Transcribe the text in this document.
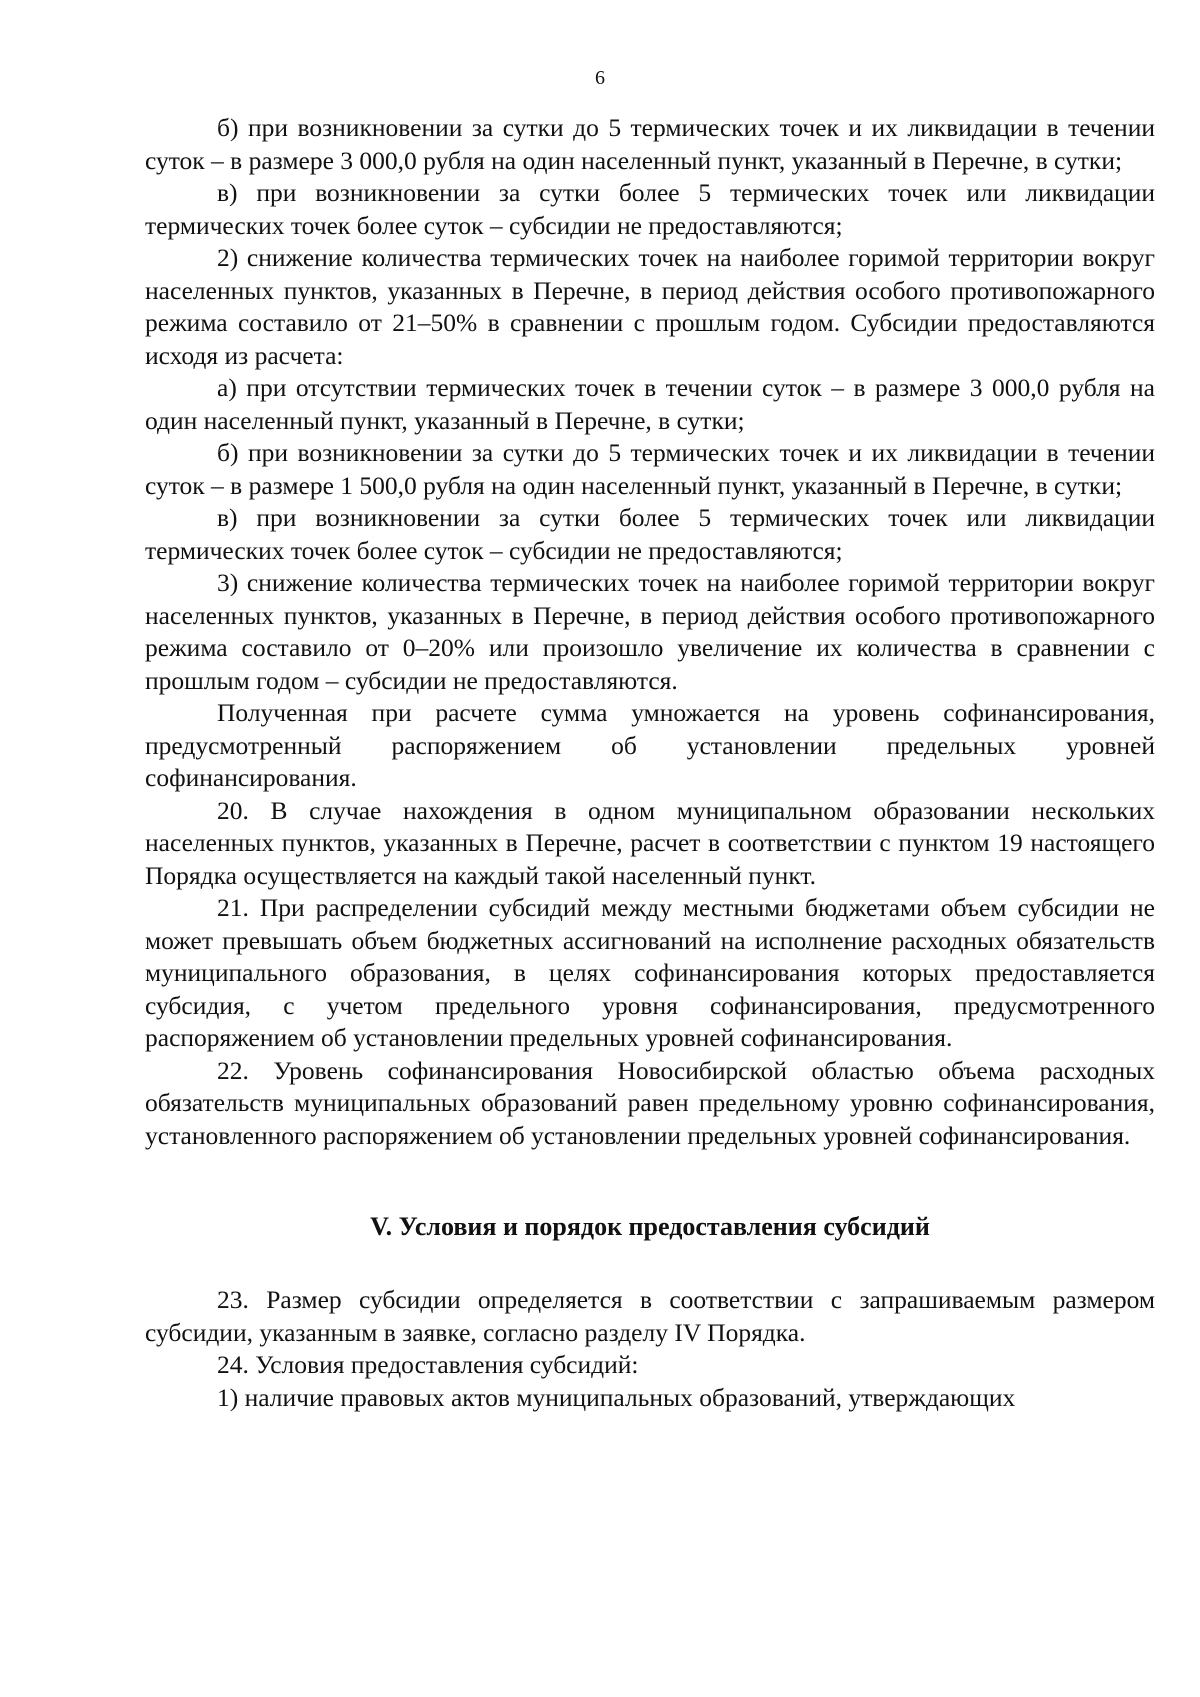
6

б) при возникновении за сутки до 5 термических точек и их ликвидации в течении суток – в размере 3 000,0 рубля на один населенный пункт, указанный в Перечне, в сутки;

в) при возникновении за сутки более 5 термических точек или ликвидации термических точек более суток – субсидии не предоставляются;

2) снижение количества термических точек на наиболее горимой территории вокруг населенных пунктов, указанных в Перечне, в период действия особого противопожарного режима составило от 21–50% в сравнении с прошлым годом. Субсидии предоставляются исходя из расчета:

а) при отсутствии термических точек в течении суток – в размере 3 000,0 рубля на один населенный пункт, указанный в Перечне, в сутки;

б) при возникновении за сутки до 5 термических точек и их ликвидации в течении суток – в размере 1 500,0 рубля на один населенный пункт, указанный в Перечне, в сутки;

в) при возникновении за сутки более 5 термических точек или ликвидации термических точек более суток – субсидии не предоставляются;

3) снижение количества термических точек на наиболее горимой территории вокруг населенных пунктов, указанных в Перечне, в период действия особого противопожарного режима составило от 0–20% или произошло увеличение их количества в сравнении с прошлым годом – субсидии не предоставляются.

Полученная при расчете сумма умножается на уровень софинансирования, предусмотренный распоряжением об установлении предельных уровней софинансирования.

20. В случае нахождения в одном муниципальном образовании нескольких населенных пунктов, указанных в Перечне, расчет в соответствии с пунктом 19 настоящего Порядка осуществляется на каждый такой населенный пункт.

21. При распределении субсидий между местными бюджетами объем субсидии не может превышать объем бюджетных ассигнований на исполнение расходных обязательств муниципального образования, в целях софинансирования которых предоставляется субсидия, с учетом предельного уровня софинансирования, предусмотренного распоряжением об установлении предельных уровней софинансирования.

22. Уровень софинансирования Новосибирской областью объема расходных обязательств муниципальных образований равен предельному уровню софинансирования, установленного распоряжением об установлении предельных уровней софинансирования.

V. Условия и порядок предоставления субсидий

23. Размер субсидии определяется в соответствии с запрашиваемым размером субсидии, указанным в заявке, согласно разделу IV Порядка.

24. Условия предоставления субсидий:

1) наличие правовых актов муниципальных образований, утверждающих
